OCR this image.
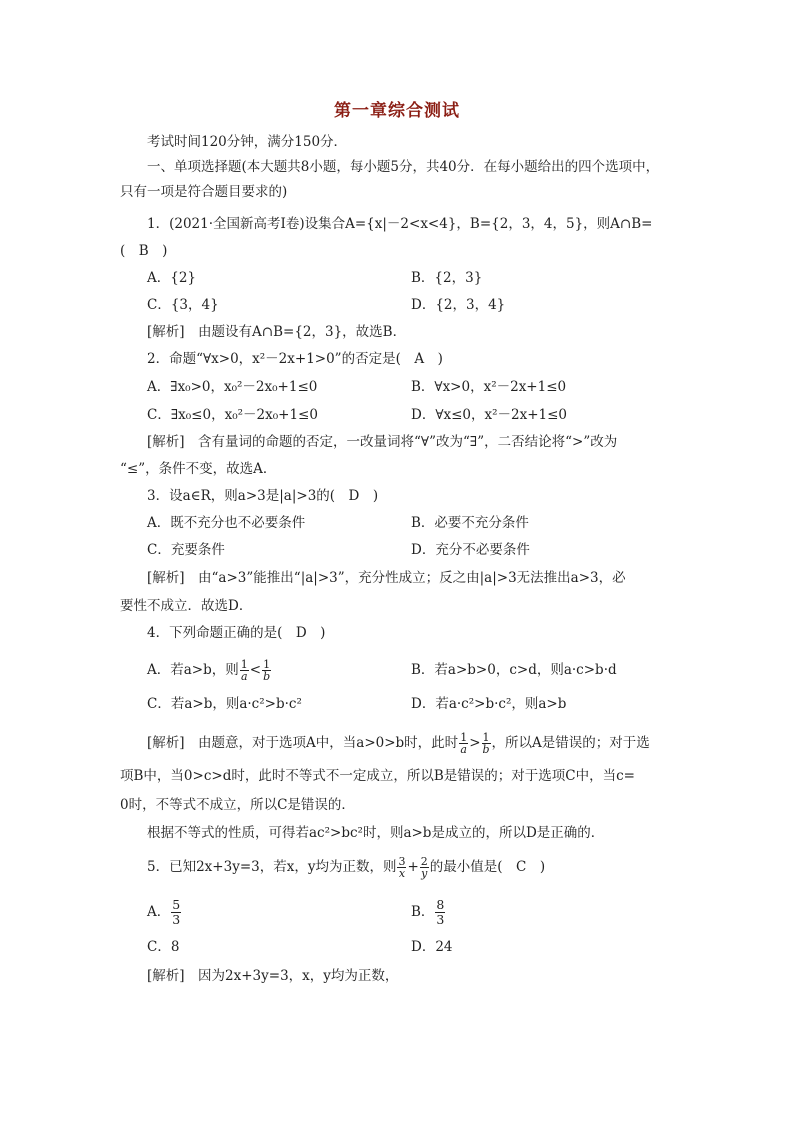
第一章综合测试
考试时间120分钟，满分150分．
一、单项选择题(本大题共8小题，每小题5分，共40分．在每小题给出的四个选项中，
只有一项是符合题目要求的)
1．(2021·全国新高考Ⅰ卷)设集合A={x|－2<x<4}，B={2，3，4，5}，则A∩B=
(　B　)
A．{2}	B．{2，3}
C．{3，4}	D．{2，3，4}
[解析]　由题设有A∩B={2，3}，故选B．
2．命题“∀x>0，x²－2x+1>0”的否定是(　A　)
A．∃x₀>0，x₀²－2x₀+1≤0	B．∀x>0，x²－2x+1≤0
C．∃x₀≤0，x₀²－2x₀+1≤0	D．∀x≤0，x²－2x+1≤0
[解析]　含有量词的命题的否定，一改量词将“∀”改为“∃”，二否结论将“>”改为
“≤”，条件不变，故选A．
3．设a∈R，则a>3是|a|>3的(　D　)
A．既不充分也不必要条件	B．必要不充分条件
C．充要条件	D．充分不必要条件
[解析]　由“a>3”能推出“|a|>3”，充分性成立；反之由|a|>3无法推出a>3，必
要性不成立．故选D．
4．下列命题正确的是(　D　)
A．若a>b，则 $\frac{1}{a} < \frac{1}{b}$	B．若a>b>0，c>d，则a·c>b·d
C．若a>b，则a·c²>b·c²	D．若a·c²>b·c²，则a>b
[解析]　由题意，对于选项A中，当a>0>b时，此时 $\frac{1}{a} > \frac{1}{b}$ ，所以A是错误的；对于选
项B中，当0>c>d时，此时不等式不一定成立，所以B是错误的；对于选项C中，当c=
0时，不等式不成立，所以C是错误的．
根据不等式的性质，可得若ac²>bc²时，则a>b是成立的，所以D是正确的．
5．已知2x+3y=3，若x，y均为正数，则 $\frac{3}{x} + \frac{2}{y}$ 的最小值是(　C　)
A． $\frac{5}{3}$	B． $\frac{8}{3}$
C．8	D．24
[解析]　因为2x+3y=3，x，y均为正数，
